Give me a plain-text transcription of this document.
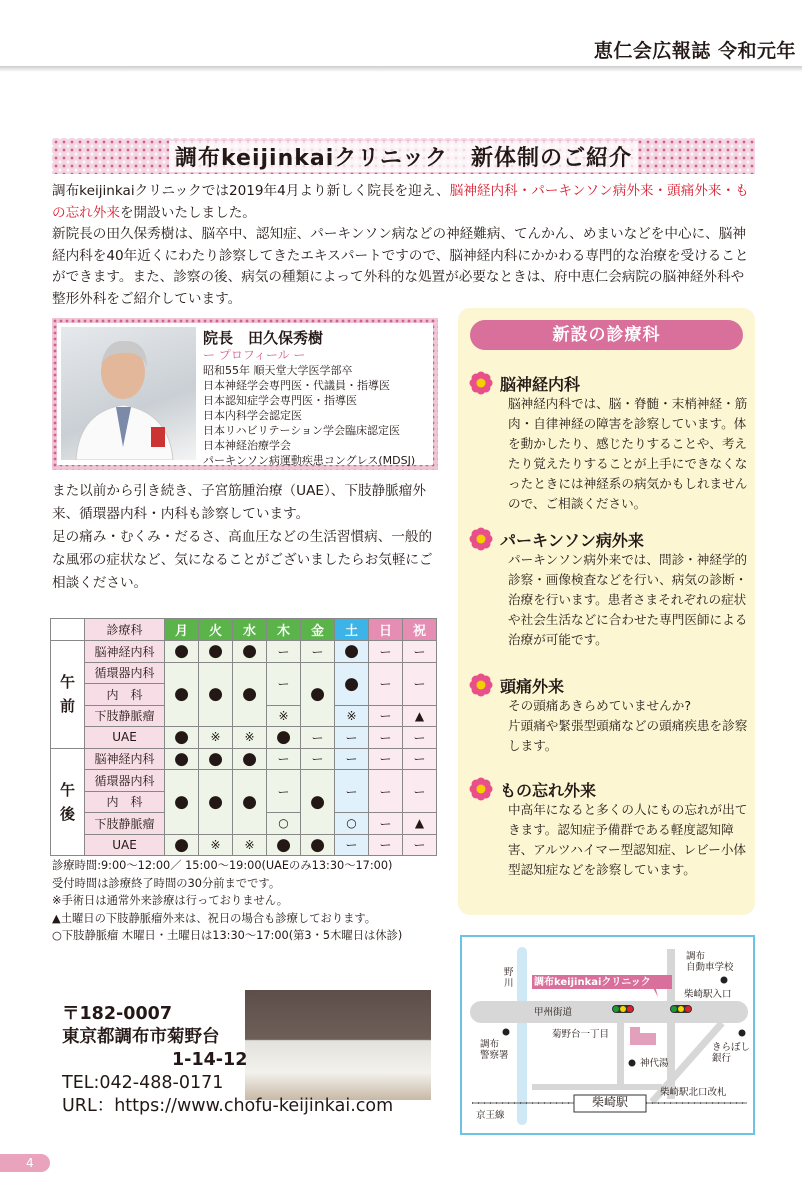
恵仁会広報誌 令和元年
調布keijinkaiクリニック　新体制のご紹介

調布keijinkaiクリニックでは2019年4月より新しく院長を迎え、脳神経内科・パーキンソン病外来・頭痛外来・もの忘れ外来を開設いたしました。

新院長の田久保秀樹は、脳卒中、認知症、パーキンソン病などの神経難病、てんかん、めまいなどを中心に、脳神経内科を40年近くにわたり診察してきたエキスパートですので、脳神経内科にかかわる専門的な治療を受けることができます。また、診察の後、病気の種類によって外科的な処置が必要なときは、府中恵仁会病院の脳神経外科や整形外科をご紹介しています。

院長　田久保秀樹
ー プロフィール ー
昭和55年 順天堂大学医学部卒
日本神経学会専門医・代議員・指導医
日本認知症学会専門医・指導医
日本内科学会認定医
日本リハビリテーション学会臨床認定医
日本神経治療学会
パーキンソン病運動疾患コングレス(MDSJ)
また以前から引き続き、子宮筋腫治療（UAE）、下肢静脈瘤外来、循環器内科・内科も診察しています。
足の痛み・むくみ・だるさ、高血圧などの生活習慣病、一般的な風邪の症状など、気になることがございましたらお気軽にご相談ください。
新設の診療科
脳神経内科
脳神経内科では、脳・脊髄・末梢神経・筋肉・自律神経の障害を診察しています。体を動かしたり、感じたりすることや、考えたり覚えたりすることが上手にできなくなったときには神経系の病気かもしれませんので、ご相談ください。
パーキンソン病外来
パーキンソン病外来では、問診・神経学的診察・画像検査などを行い、病気の診断・治療を行います。患者さまそれぞれの症状や社会生活などに合わせた専門医師による治療が可能です。
頭痛外来
その頭痛あきらめていませんか?
片頭痛や緊張型頭痛などの頭痛疾患を診察します。
もの忘れ外来
中高年になると多くの人にもの忘れが出てきます。認知症予備群である軽度認知障害、アルツハイマー型認知症、レビー小体型認知症などを診察しています。
	診療科	月	火	水	木	金	土	日	祝
午
前	脳神経内科	●	●	●	ー	ー	●	ー	ー
	循環器内科	●	●	●	ー	●	●	ー	ー
	内　科								
	下肢静脈瘤				※		※	ー	▲
	UAE	●	※	※	●	ー	ー	ー	ー
午
後	脳神経内科	●	●	●	ー	ー	ー	ー	ー
	循環器内科	●	●	●	ー	●	ー	ー	ー
	内　科								
	下肢静脈瘤				○		○	ー	▲
	UAE	●	※	※	●	●	ー	ー	ー
診療時間:9:00〜12:00／ 15:00〜19:00(UAEのみ13:30〜17:00)
受付時間は診療終了時間の30分前までです。
※手術日は通常外来診療は行っておりません。
▲土曜日の下肢静脈瘤外来は、祝日の場合も診療しております。
○下肢静脈瘤 木曜日・土曜日は13:30〜17:00(第3・5木曜日は休診)
〒182-0007
東京都調布市菊野台
1-14-12
TEL:042-488-0171
URL：https://www.chofu-keijinkai.com
調布keijinkaiクリニック
野
川
甲州街道
調布
自動車学校
柴崎駅入口
菊野台一丁目
調布
警察署
きらぼし
銀行
神代湯
柴崎駅北口改札
柴崎駅
京王線
4
